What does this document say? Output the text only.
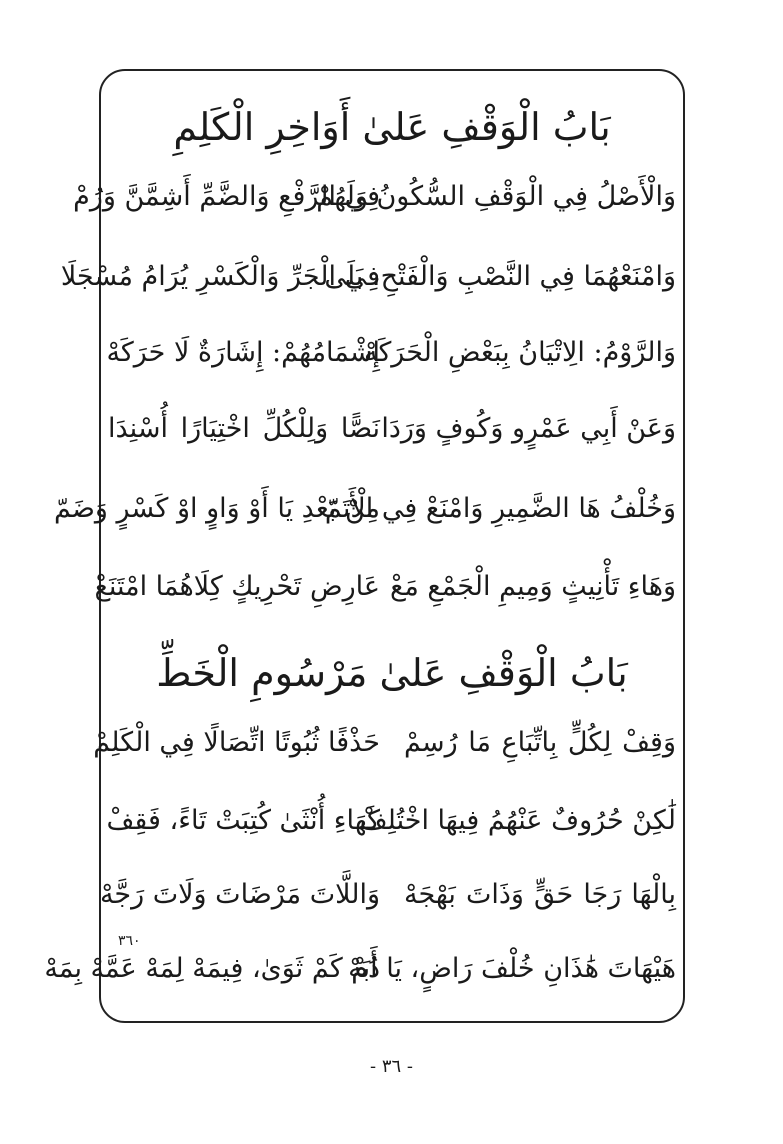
بَابُ الْوَقْفِ عَلىٰ أَوَاخِرِ الْكَلِمِ
وَالْأَصْلُ فِي الْوَقْفِ السُّكُونُ وَلَهُمْ
فِي الرَّفْعِ وَالضَّمِّ أَشِمَّنَّ وَرُمْ
وَامْنَعْهُمَا فِي النَّصْبِ وَالْفَتْحِ، بَلَىٰ
فِي الْجَرِّ وَالْكَسْرِ يُرَامُ مُسْجَلَا
وَالرَّوْمُ: الِاتْيَانُ بِبَعْضِ الْحَرَكَهْ
إِشْمَامُهُمْ: إِشَارَةٌ لَا حَرَكَهْ
وَعَنْ أَبِي عَمْرٍو وَكُوفٍ وَرَدَا
نَصًّا وَلِلْكُلِّ اخْتِيَارًا أُسْنِدَا
وَخُلْفُ هَا الضَّمِيرِ وَامْنَعْ فِي الْأَتَمّ
مِنْ بَعْدِ يَا أَوْ وَاوٍ اوْ كَسْرٍ وَضَمّ
وَهَاءِ تَأْنِيثٍ وَمِيمِ الْجَمْعِ مَعْ
عَارِضِ تَحْرِيكٍ كِلَاهُمَا امْتَنَعْ
بَابُ الْوَقْفِ عَلىٰ مَرْسُومِ الْخَطِّ
وَقِفْ لِكُلٍّ بِاتِّبَاعِ مَا رُسِمْ
حَذْفًا ثُبُوتًا اتِّصَالًا فِي الْكَلِمْ
لَٰكِنْ حُرُوفٌ عَنْهُمُ فِيهَا اخْتُلِفْ
كَهَاءِ أُنْثَىٰ كُتِبَتْ تَاءً، فَقِفْ
بِالْهَا رَجَا حَقٍّ وَذَاتَ بَهْجَهْ
وَاللَّاتَ مَرْضَاتَ وَلَاتَ رَجَّهْ
٣٦٠
هَيْهَاتَ هَٰذَانِ خُلْفَ رَاضٍ، يَا أَبَهْ
دُمْ كَمْ ثَوَىٰ، فِيمَهْ لِمَهْ عَمَّهْ بِمَهْ
- ٣٦ -
